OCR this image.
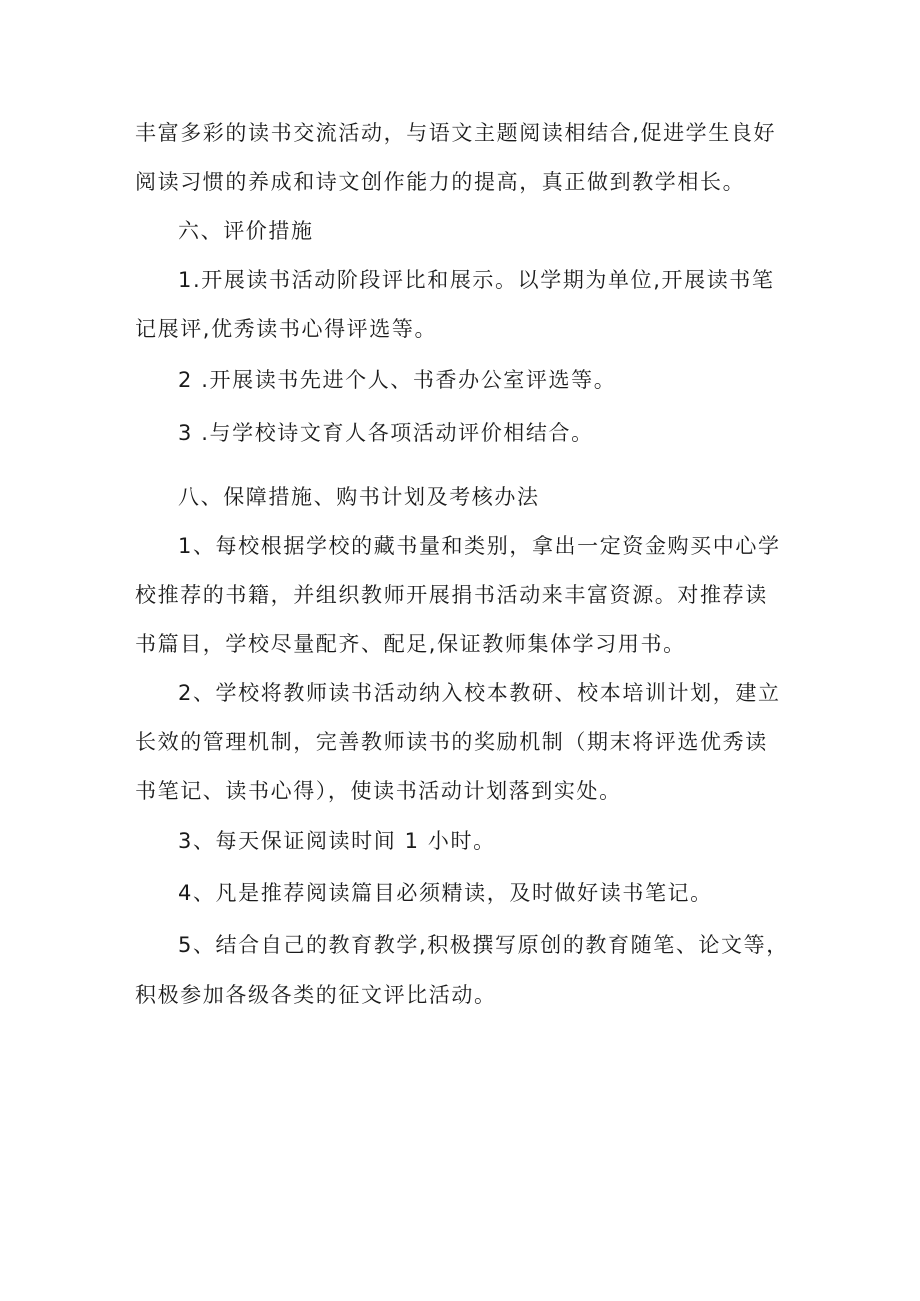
丰富多彩的读书交流活动，与语文主题阅读相结合,促进学生良好
阅读习惯的养成和诗文创作能力的提高，真正做到教学相长。
六、评价措施
1.开展读书活动阶段评比和展示。以学期为单位,开展读书笔
记展评,优秀读书心得评选等。
2 .开展读书先进个人、书香办公室评选等。
3 .与学校诗文育人各项活动评价相结合。
八、保障措施、购书计划及考核办法
1、每校根据学校的藏书量和类别，拿出一定资金购买中心学
校推荐的书籍，并组织教师开展捐书活动来丰富资源。对推荐读
书篇目，学校尽量配齐、配足,保证教师集体学习用书。
2、学校将教师读书活动纳入校本教研、校本培训计划，建立
长效的管理机制，完善教师读书的奖励机制（期末将评选优秀读
书笔记、读书心得），使读书活动计划落到实处。
3、每天保证阅读时间 1 小时。
4、凡是推荐阅读篇目必须精读，及时做好读书笔记。
5、结合自己的教育教学,积极撰写原创的教育随笔、论文等，
积极参加各级各类的征文评比活动。
